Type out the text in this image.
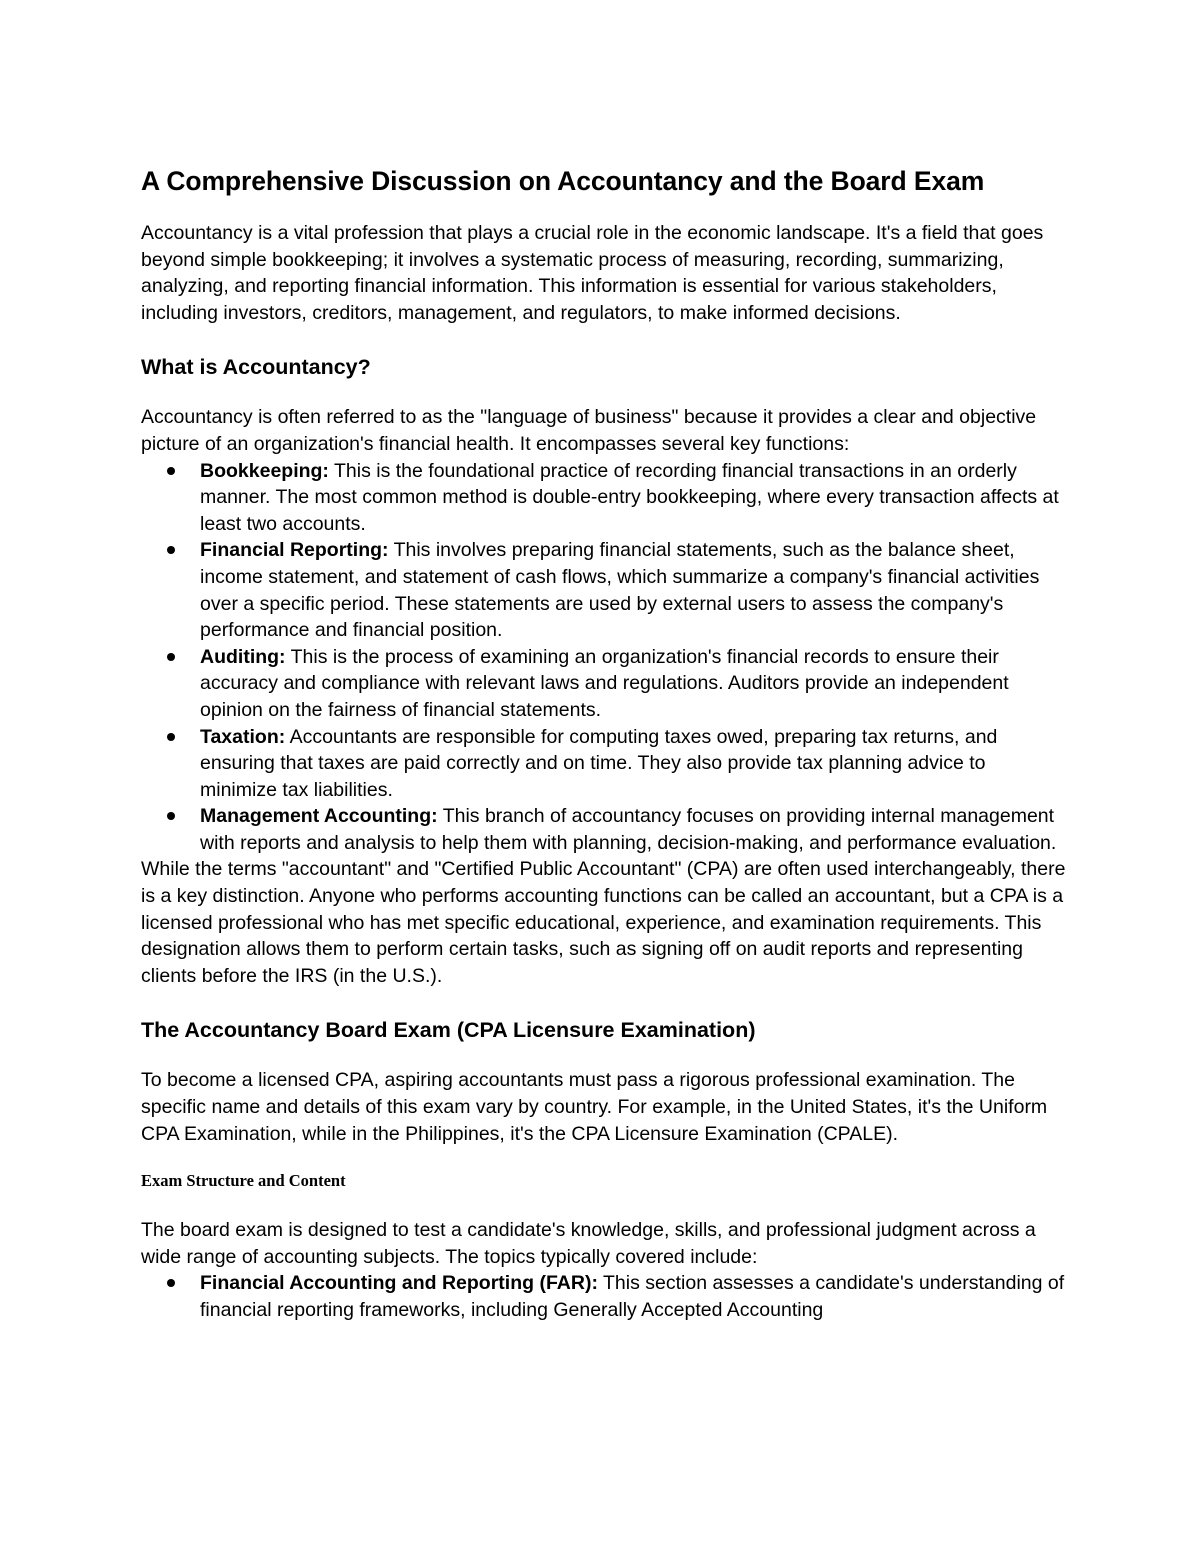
A Comprehensive Discussion on Accountancy and the Board Exam

Accountancy is a vital profession that plays a crucial role in the economic landscape. It's a field that goes beyond simple bookkeeping; it involves a systematic process of measuring, recording, summarizing, analyzing, and reporting financial information. This information is essential for various stakeholders, including investors, creditors, management, and regulators, to make informed decisions.

What is Accountancy?

Accountancy is often referred to as the "language of business" because it provides a clear and objective picture of an organization's financial health. It encompasses several key functions:

Bookkeeping: This is the foundational practice of recording financial transactions in an orderly manner. The most common method is double-entry bookkeeping, where every transaction affects at least two accounts.
Financial Reporting: This involves preparing financial statements, such as the balance sheet, income statement, and statement of cash flows, which summarize a company's financial activities over a specific period. These statements are used by external users to assess the company's performance and financial position.
Auditing: This is the process of examining an organization's financial records to ensure their accuracy and compliance with relevant laws and regulations. Auditors provide an independent opinion on the fairness of financial statements.
Taxation: Accountants are responsible for computing taxes owed, preparing tax returns, and ensuring that taxes are paid correctly and on time. They also provide tax planning advice to minimize tax liabilities.
Management Accounting: This branch of accountancy focuses on providing internal management with reports and analysis to help them with planning, decision-making, and performance evaluation.

While the terms "accountant" and "Certified Public Accountant" (CPA) are often used interchangeably, there is a key distinction. Anyone who performs accounting functions can be called an accountant, but a CPA is a licensed professional who has met specific educational, experience, and examination requirements. This designation allows them to perform certain tasks, such as signing off on audit reports and representing clients before the IRS (in the U.S.).

The Accountancy Board Exam (CPA Licensure Examination)

To become a licensed CPA, aspiring accountants must pass a rigorous professional examination. The specific name and details of this exam vary by country. For example, in the United States, it's the Uniform CPA Examination, while in the Philippines, it's the CPA Licensure Examination (CPALE).

Exam Structure and Content

The board exam is designed to test a candidate's knowledge, skills, and professional judgment across a wide range of accounting subjects. The topics typically covered include:

Financial Accounting and Reporting (FAR): This section assesses a candidate's understanding of financial reporting frameworks, including Generally Accepted Accounting
